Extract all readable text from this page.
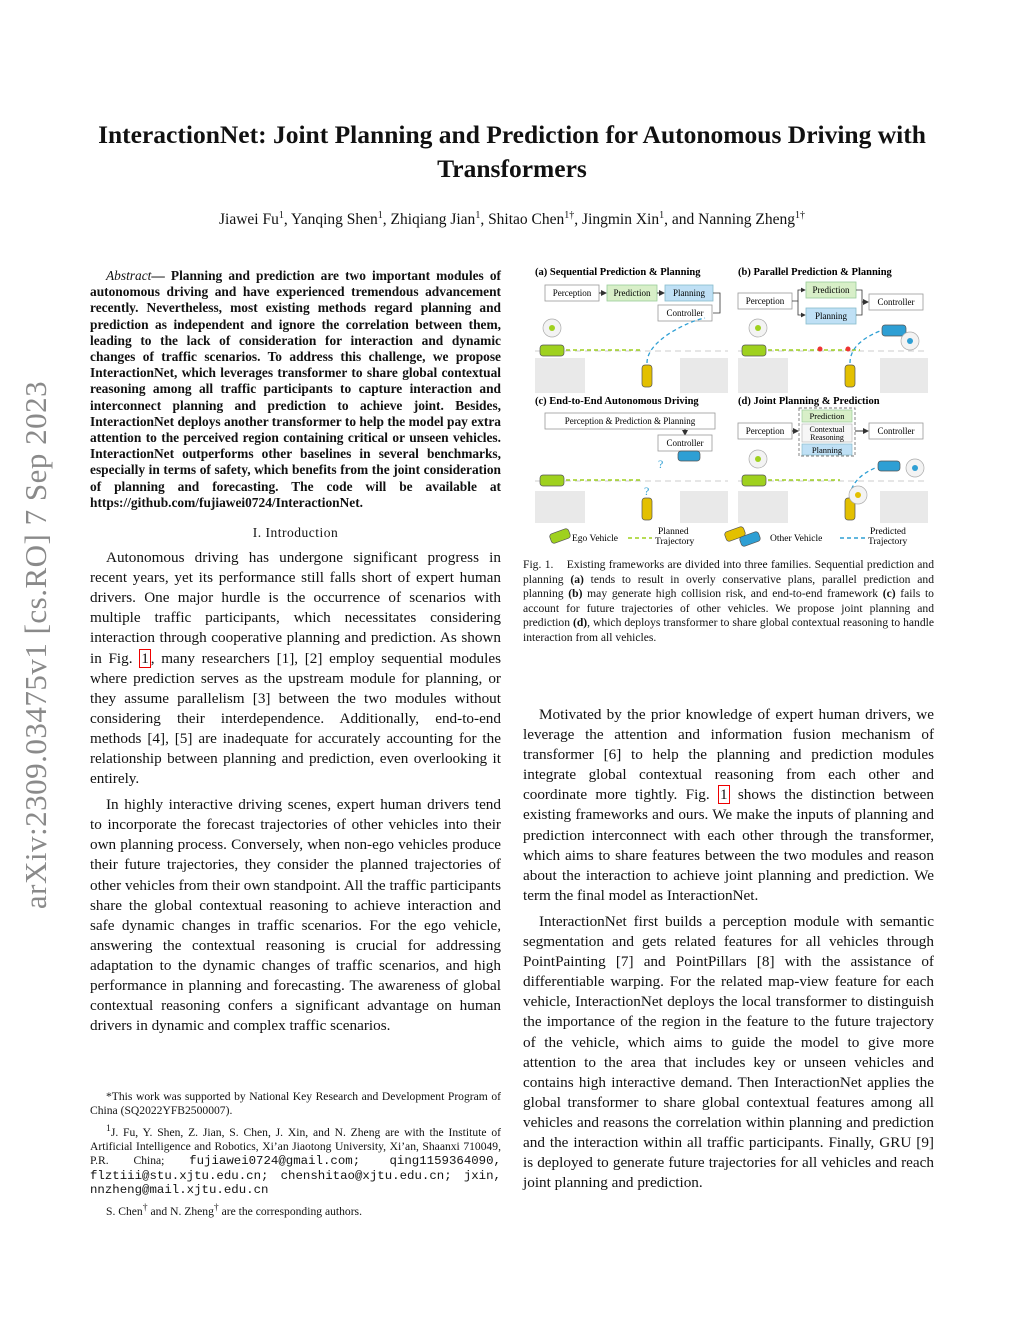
arXiv:2309.03475v1 [cs.RO] 7 Sep 2023
InteractionNet: Joint Planning and Prediction for Autonomous Driving with Transformers
Jiawei Fu$^1$, Yanqing Shen$^1$, Zhiqiang Jian$^1$, Shitao Chen$^{1\dagger}$, Jingmin Xin$^1$, and Nanning Zheng$^{1\dagger}$

Abstract— Planning and prediction are two important modules of autonomous driving and have experienced tremendous advancement recently. Nevertheless, most existing methods regard planning and prediction as independent and ignore the correlation between them, leading to the lack of consideration for interaction and dynamic changes of traffic scenarios. To address this challenge, we propose InteractionNet, which leverages transformer to share global contextual reasoning among all traffic participants to capture interaction and interconnect planning and prediction to achieve joint. Besides, InteractionNet deploys another transformer to help the model pay extra attention to the perceived region containing critical or unseen vehicles. InteractionNet outperforms other baselines in several benchmarks, especially in terms of safety, which benefits from the joint consideration of planning and forecasting. The code will be available at https://github.com/fujiawei0724/InteractionNet.

I. Introduction

Autonomous driving has undergone significant progress in recent years, yet its performance still falls short of expert human drivers. One major hurdle is the occurrence of scenarios with multiple traffic participants, which necessitates considering interaction through cooperative planning and prediction. As shown in Fig. 1 , many researchers [1], [2] employ sequential modules where prediction serves as the upstream module for planning, or they assume parallelism [3] between the two modules without considering their interdependence. Additionally, end-to-end methods [4], [5] are inadequate for accurately accounting for the relationship between planning and prediction, even overlooking it entirely.

In highly interactive driving scenes, expert human drivers tend to incorporate the forecast trajectories of other vehicles into their own planning process. Conversely, when non-ego vehicles produce their future trajectories, they consider the planned trajectories of other vehicles from their own standpoint. All the traffic participants share the global contextual reasoning to achieve interaction and safe dynamic changes in traffic scenarios. For the ego vehicle, answering the contextual reasoning is crucial for addressing adaptation to the dynamic changes of traffic scenarios, and high performance in planning and forecasting. The awareness of global contextual reasoning confers a significant advantage on human drivers in dynamic and complex traffic scenarios.

*This work was supported by National Key Research and Development Program of China (SQ2022YFB2500007).

$^1$J. Fu, Y. Shen, Z. Jian, S. Chen, J. Xin, and N. Zheng are with the Institute of Artificial Intelligence and Robotics, Xi’an Jiaotong University, Xi’an, Shaanxi 710049, P.R. China; fujiawei0724@gmail.com; qing1159364090, flztiii@stu.xjtu.edu.cn; chenshitao@xjtu.edu.cn; jxin, nnzheng@mail.xjtu.edu.cn

S. Chen† and N. Zheng† are the corresponding authors.

(a) Sequential Prediction & Planning	(b) Parallel Prediction & Planning
(c) End-to-End Autonomous Driving	(d) Joint Planning & Prediction
Perception Prediction Planning
Controller
Perception
Prediction
Planning
Controller
Perception & Prediction & Planning
Controller
?
?
Perception
Prediction
Contextual
Reasoning
Planning
Controller
Ego Vehicle
Planned
Trajectory	Other Vehicle
Predicted
Trajectory

Fig. 1. Existing frameworks are divided into three families. Sequential prediction and planning (a) tends to result in overly conservative plans, parallel prediction and planning (b) may generate high collision risk, and end-to-end framework (c) fails to account for future trajectories of other vehicles. We propose joint planning and prediction (d), which deploys transformer to share global contextual reasoning to handle interaction from all vehicles.

Motivated by the prior knowledge of expert human drivers, we leverage the attention and information fusion mechanism of transformer [6] to help the planning and prediction modules integrate global contextual reasoning from each other and coordinate more tightly. Fig. 1 shows the distinction between existing frameworks and ours. We make the inputs of planning and prediction interconnect with each other through the transformer, which aims to share features between the two modules and reason about the interaction to achieve joint planning and prediction. We term the final model as InteractionNet.

InteractionNet first builds a perception module with semantic segmentation and gets related features for all vehicles through PointPainting [7] and PointPillars [8] with the assistance of differentiable warping. For the related map-view feature for each vehicle, InteractionNet deploys the local transformer to distinguish the importance of the region in the feature to the future trajectory of the vehicle, which aims to guide the model to give more attention to the area that includes key or unseen vehicles and contains high interactive demand. Then InteractionNet applies the global transformer to share global contextual features among all vehicles and reasons the correlation within planning and prediction and the interaction within all traffic participants. Finally, GRU [9] is deployed to generate future trajectories for all vehicles and reach joint planning and prediction.
